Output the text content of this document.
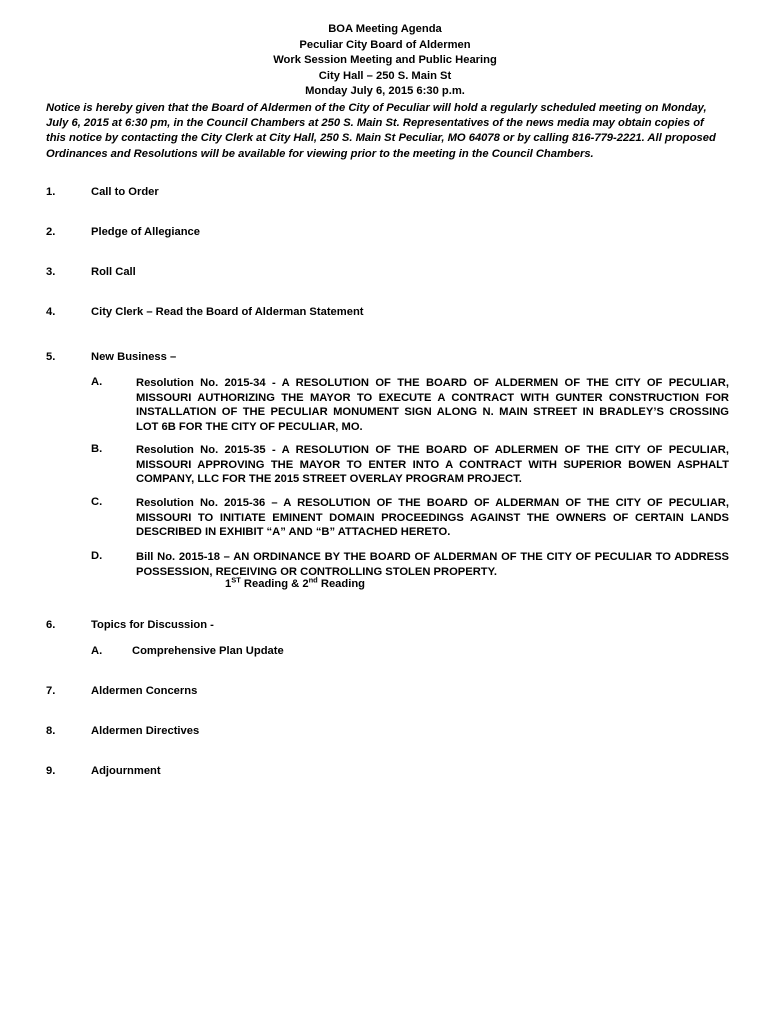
BOA Meeting Agenda
Peculiar City Board of Aldermen
Work Session Meeting and Public Hearing
City Hall – 250 S. Main St
Monday July 6, 2015 6:30 p.m.
Notice is hereby given that the Board of Aldermen of the City of Peculiar will hold a regularly scheduled meeting on Monday,
July 6, 2015 at 6:30 pm, in the Council Chambers at 250 S. Main St. Representatives of the news media may obtain copies of
this notice by contacting the City Clerk at City Hall, 250 S. Main St Peculiar, MO 64078 or by calling 816-779-2221. All proposed
Ordinances and Resolutions will be available for viewing prior to the meeting in the Council Chambers.
1.	Call to Order
2.	Pledge of Allegiance
3.	Roll Call
4.	City Clerk – Read the Board of Alderman Statement
5.	New Business –
A.	Resolution No. 2015-34 - A RESOLUTION OF THE BOARD OF ALDERMEN OF THE CITY OF PECULIAR,
MISSOURI AUTHORIZING THE MAYOR TO EXECUTE A CONTRACT WITH GUNTER CONSTRUCTION FOR
INSTALLATION OF THE PECULIAR MONUMENT SIGN ALONG N. MAIN STREET IN BRADLEY’S CROSSING
LOT 6B FOR THE CITY OF PECULIAR, MO.
B.	Resolution No. 2015-35 - A RESOLUTION OF THE BOARD OF ADLERMEN OF THE CITY OF PECULIAR,
MISSOURI APPROVING THE MAYOR TO ENTER INTO A CONTRACT WITH SUPERIOR BOWEN ASPHALT
COMPANY, LLC FOR THE 2015 STREET OVERLAY PROGRAM PROJECT.
C.	Resolution No. 2015-36 – A RESOLUTION OF THE BOARD OF ALDERMAN OF THE CITY OF PECULIAR,
MISSOURI TO INITIATE EMINENT DOMAIN PROCEEDINGS AGAINST THE OWNERS OF CERTAIN LANDS
DESCRIBED IN EXHIBIT “A” AND “B” ATTACHED HERETO.
D.	Bill No. 2015-18 – AN ORDINANCE BY THE BOARD OF ALDERMAN OF THE CITY OF PECULIAR TO ADDRESS
POSSESSION, RECEIVING OR CONTROLLING STOLEN PROPERTY.
1ST Reading & 2nd Reading
6.	Topics for Discussion -
A.	Comprehensive Plan Update
7.	Aldermen Concerns
8.	Aldermen Directives
9.	Adjournment
